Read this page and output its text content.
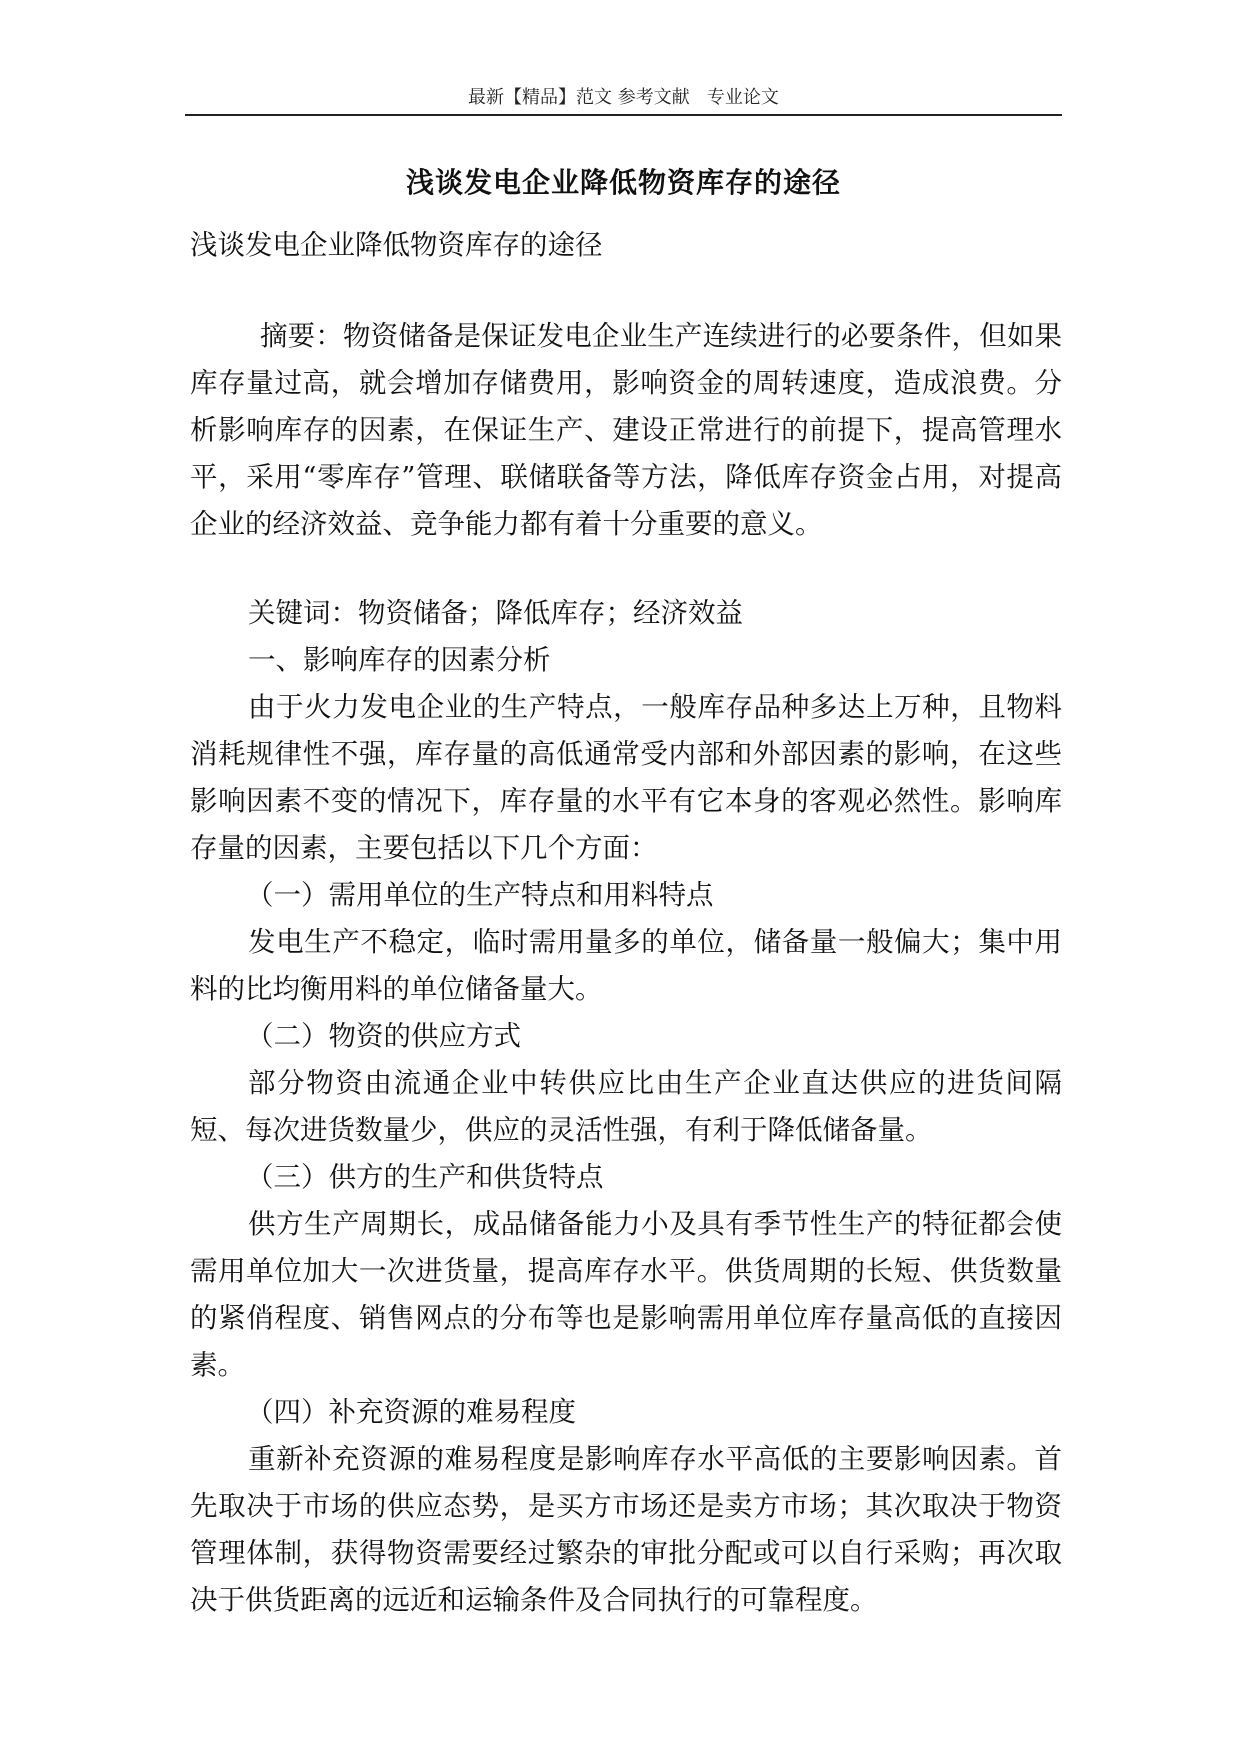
最新【精品】范文 参考文献   专业论文
浅谈发电企业降低物资库存的途径

浅谈发电企业降低物资库存的途径

摘要：物资储备是保证发电企业生产连续进行的必要条件，但如果库存量过高，就会增加存储费用，影响资金的周转速度，造成浪费。分析影响库存的因素，在保证生产、建设正常进行的前提下，提高管理水平，采用“零库存”管理、联储联备等方法，降低库存资金占用，对提高企业的经济效益、竞争能力都有着十分重要的意义。

关键词：物资储备；降低库存；经济效益

一、影响库存的因素分析

由于火力发电企业的生产特点，一般库存品种多达上万种，且物料消耗规律性不强，库存量的高低通常受内部和外部因素的影响，在这些影响因素不变的情况下，库存量的水平有它本身的客观必然性。影响库存量的因素，主要包括以下几个方面：

（一）需用单位的生产特点和用料特点

发电生产不稳定，临时需用量多的单位，储备量一般偏大；集中用料的比均衡用料的单位储备量大。

（二）物资的供应方式

部分物资由流通企业中转供应比由生产企业直达供应的进货间隔短、每次进货数量少，供应的灵活性强，有利于降低储备量。

（三）供方的生产和供货特点

供方生产周期长，成品储备能力小及具有季节性生产的特征都会使需用单位加大一次进货量，提高库存水平。供货周期的长短、供货数量的紧俏程度、销售网点的分布等也是影响需用单位库存量高低的直接因素。

（四）补充资源的难易程度

重新补充资源的难易程度是影响库存水平高低的主要影响因素。首先取决于市场的供应态势，是买方市场还是卖方市场；其次取决于物资管理体制，获得物资需要经过繁杂的审批分配或可以自行采购；再次取决于供货距离的远近和运输条件及合同执行的可靠程度。
